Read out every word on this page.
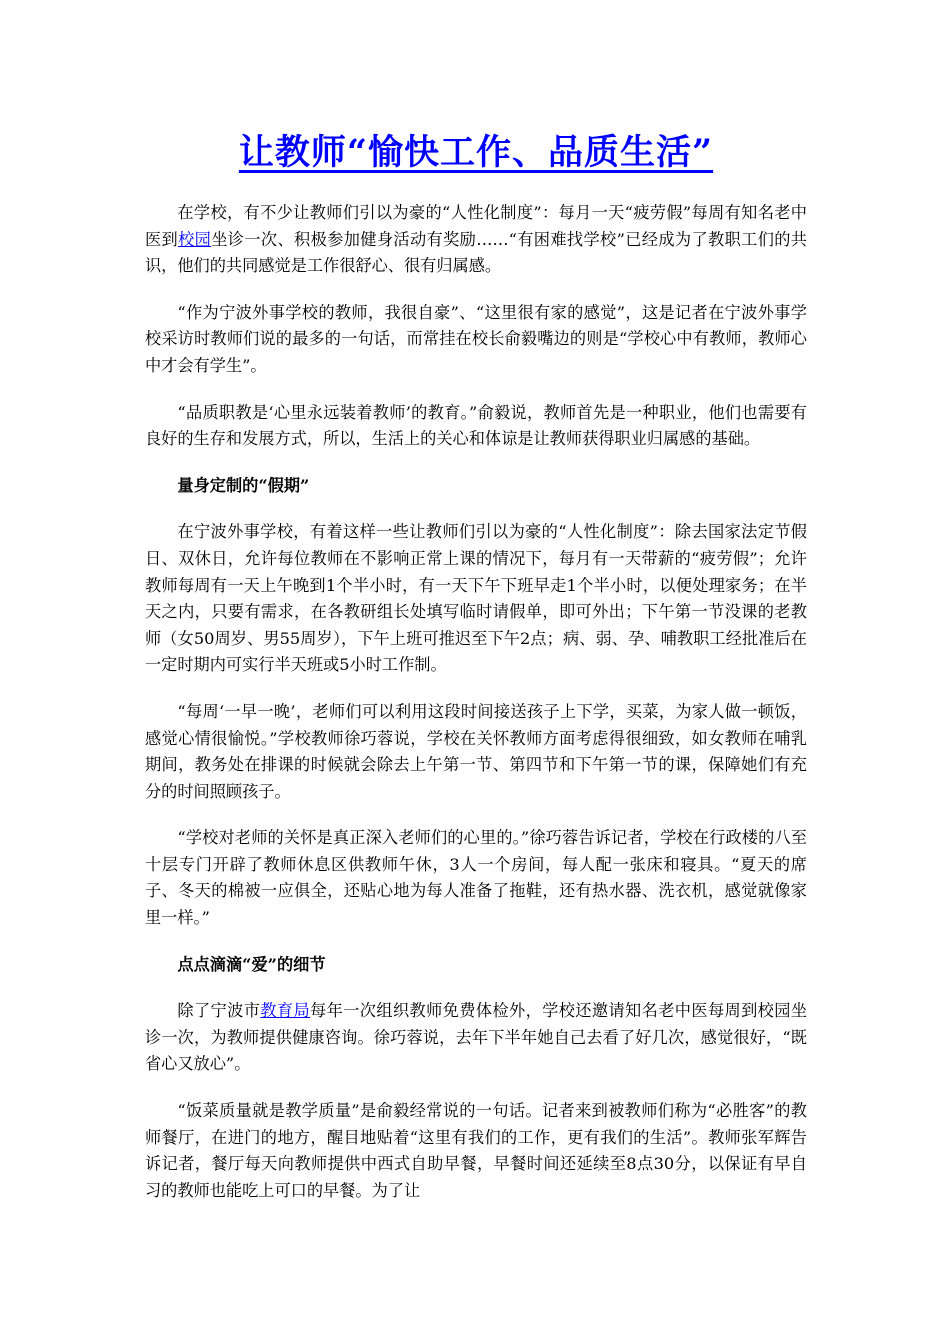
让教师“愉快工作、品质生活”

在学校，有不少让教师们引以为豪的“人性化制度”：每月一天“疲劳假”每周有知名老中医到校园坐诊一次、积极参加健身活动有奖励……“有困难找学校”已经成为了教职工们的共识，他们的共同感觉是工作很舒心、很有归属感。

“作为宁波外事学校的教师，我很自豪”、“这里很有家的感觉”，这是记者在宁波外事学校采访时教师们说的最多的一句话，而常挂在校长俞毅嘴边的则是“学校心中有教师，教师心中才会有学生”。

“品质职教是‘心里永远装着教师’的教育。”俞毅说，教师首先是一种职业，他们也需要有良好的生存和发展方式，所以，生活上的关心和体谅是让教师获得职业归属感的基础。

量身定制的“假期”

在宁波外事学校，有着这样一些让教师们引以为豪的“人性化制度”：除去国家法定节假日、双休日，允许每位教师在不影响正常上课的情况下，每月有一天带薪的“疲劳假”；允许教师每周有一天上午晚到1个半小时，有一天下午下班早走1个半小时，以便处理家务；在半天之内，只要有需求，在各教研组长处填写临时请假单，即可外出；下午第一节没课的老教师（女50周岁、男55周岁），下午上班可推迟至下午2点；病、弱、孕、哺教职工经批准后在一定时期内可实行半天班或5小时工作制。

“每周‘一早一晚’，老师们可以利用这段时间接送孩子上下学，买菜，为家人做一顿饭，感觉心情很愉悦。”学校教师徐巧蓉说，学校在关怀教师方面考虑得很细致，如女教师在哺乳期间，教务处在排课的时候就会除去上午第一节、第四节和下午第一节的课，保障她们有充分的时间照顾孩子。

“学校对老师的关怀是真正深入老师们的心里的。”徐巧蓉告诉记者，学校在行政楼的八至十层专门开辟了教师休息区供教师午休，3人一个房间，每人配一张床和寝具。“夏天的席子、冬天的棉被一应俱全，还贴心地为每人准备了拖鞋，还有热水器、洗衣机，感觉就像家里一样。”

点点滴滴“爱”的细节

除了宁波市教育局每年一次组织教师免费体检外，学校还邀请知名老中医每周到校园坐诊一次，为教师提供健康咨询。徐巧蓉说，去年下半年她自己去看了好几次，感觉很好，“既省心又放心”。

“饭菜质量就是教学质量”是俞毅经常说的一句话。记者来到被教师们称为“必胜客”的教师餐厅，在进门的地方，醒目地贴着“这里有我们的工作，更有我们的生活”。教师张军辉告诉记者，餐厅每天向教师提供中西式自助早餐，早餐时间还延续至8点30分，以保证有早自习的教师也能吃上可口的早餐。为了让
